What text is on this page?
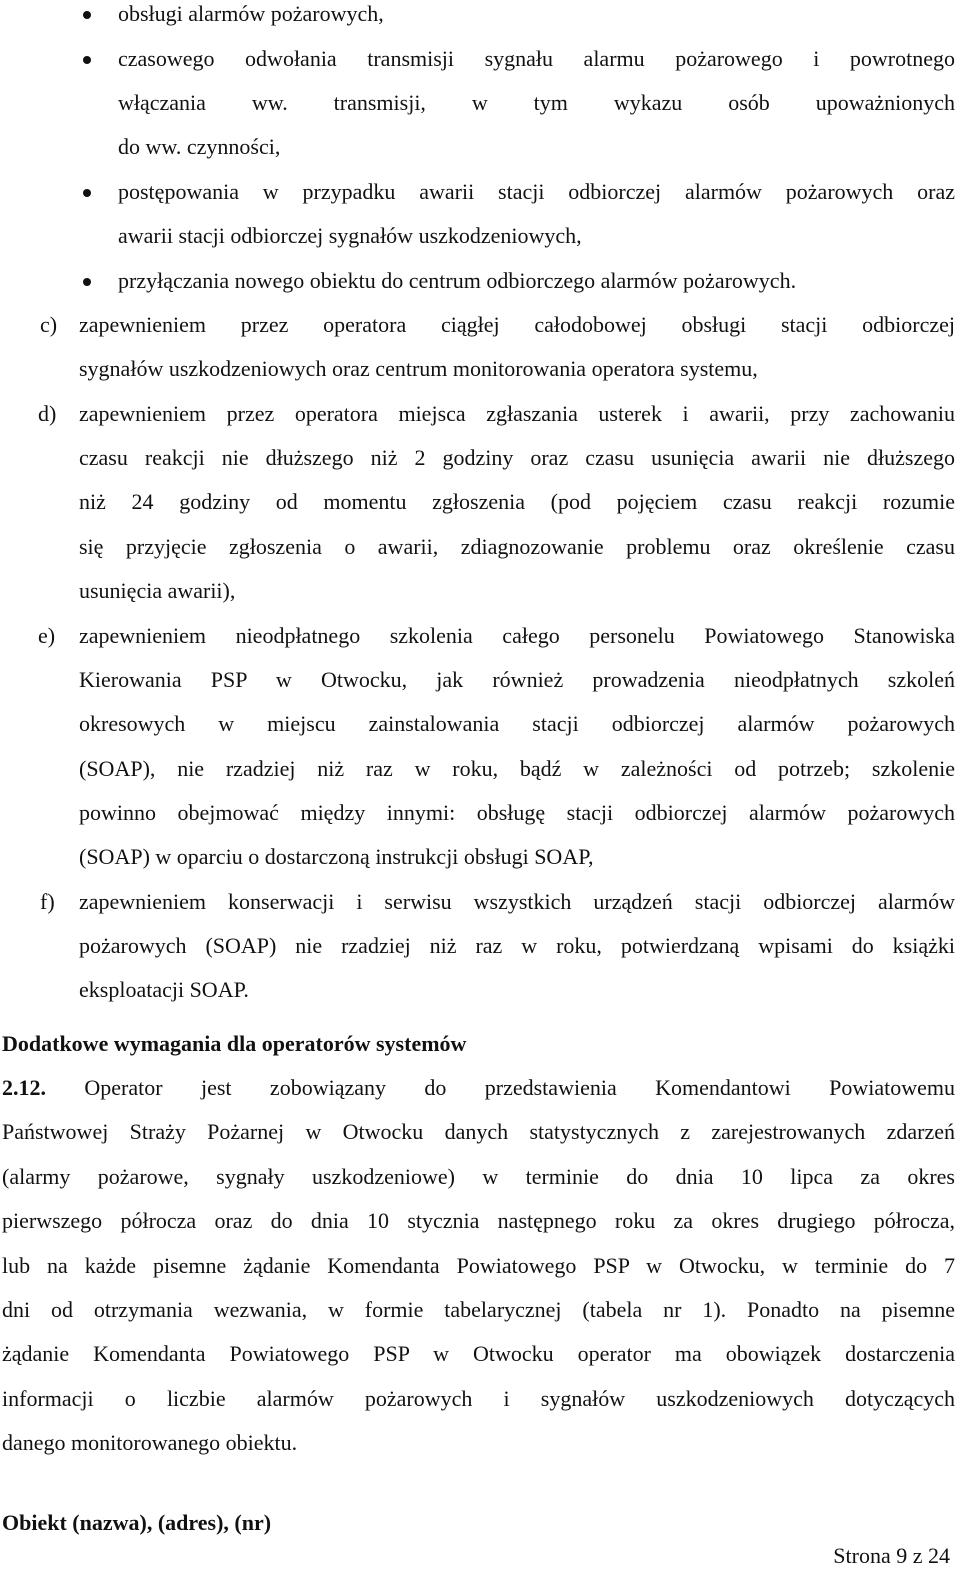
obsługi alarmów pożarowych,
czasowego odwołania transmisji sygnału alarmu pożarowego i powrotnego
włączania ww. transmisji, w tym wykazu osób upoważnionych
do ww. czynności,
postępowania w przypadku awarii stacji odbiorczej alarmów pożarowych oraz
awarii stacji odbiorczej sygnałów uszkodzeniowych,
przyłączania nowego obiektu do centrum odbiorczego alarmów pożarowych.
c) zapewnieniem przez operatora ciągłej całodobowej obsługi stacji odbiorczej
sygnałów uszkodzeniowych oraz centrum monitorowania operatora systemu,
d) zapewnieniem przez operatora miejsca zgłaszania usterek i awarii, przy zachowaniu
czasu reakcji nie dłuższego niż 2 godziny oraz czasu usunięcia awarii nie dłuższego
niż 24 godziny od momentu zgłoszenia (pod pojęciem czasu reakcji rozumie
się przyjęcie zgłoszenia o awarii, zdiagnozowanie problemu oraz określenie czasu
usunięcia awarii),
e) zapewnieniem nieodpłatnego szkolenia całego personelu Powiatowego Stanowiska
Kierowania PSP w Otwocku, jak również prowadzenia nieodpłatnych szkoleń
okresowych w miejscu zainstalowania stacji odbiorczej alarmów pożarowych
(SOAP), nie rzadziej niż raz w roku, bądź w zależności od potrzeb; szkolenie
powinno obejmować między innymi: obsługę stacji odbiorczej alarmów pożarowych
(SOAP) w oparciu o dostarczoną instrukcji obsługi SOAP,
f) zapewnieniem konserwacji i serwisu wszystkich urządzeń stacji odbiorczej alarmów
pożarowych (SOAP) nie rzadziej niż raz w roku, potwierdzaną wpisami do książki
eksploatacji SOAP.
Dodatkowe wymagania dla operatorów systemów
2.12. Operator jest zobowiązany do przedstawienia Komendantowi Powiatowemu
Państwowej Straży Pożarnej w Otwocku danych statystycznych z zarejestrowanych zdarzeń
(alarmy pożarowe, sygnały uszkodzeniowe) w terminie do dnia 10 lipca za okres
pierwszego półrocza oraz do dnia 10 stycznia następnego roku za okres drugiego półrocza,
lub na każde pisemne żądanie Komendanta Powiatowego PSP w Otwocku, w terminie do 7
dni od otrzymania wezwania, w formie tabelarycznej (tabela nr 1). Ponadto na pisemne
żądanie Komendanta Powiatowego PSP w Otwocku operator ma obowiązek dostarczenia
informacji o liczbie alarmów pożarowych i sygnałów uszkodzeniowych dotyczących
danego monitorowanego obiektu.
Obiekt (nazwa), (adres), (nr)
Strona 9 z 24
